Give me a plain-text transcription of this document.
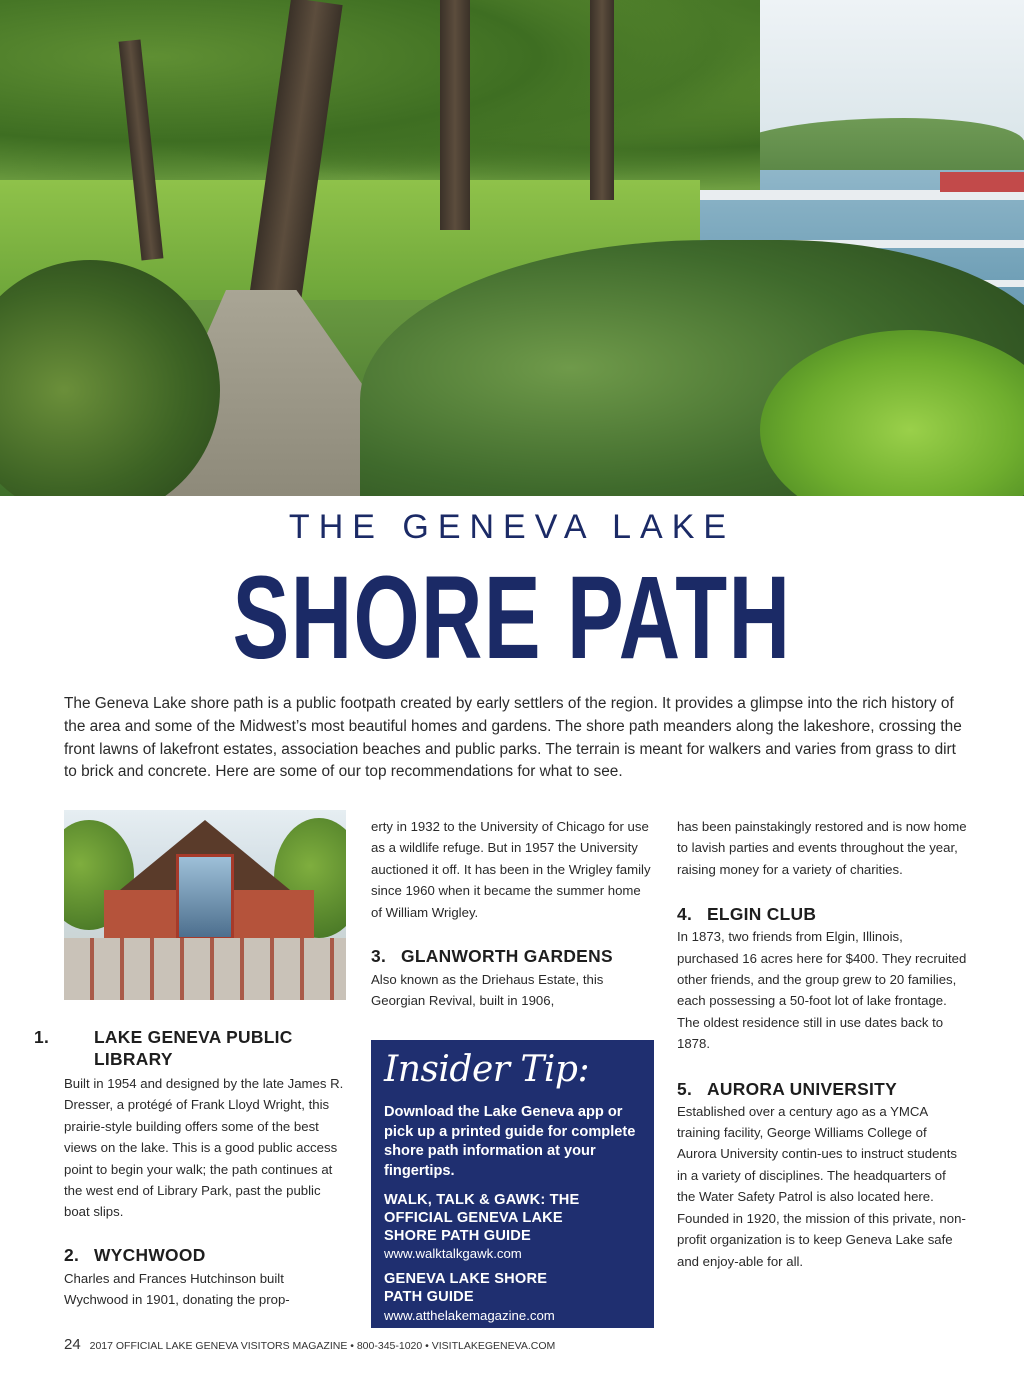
THE GENEVA LAKE
SHORE PATH

The Geneva Lake shore path is a public footpath created by early settlers of the region. It provides a glimpse into the rich history of the area and some of the Midwest’s most beautiful homes and gardens. The shore path meanders along the lakeshore, crossing the front lawns of lakefront estates, association beaches and public parks. The terrain is meant for walkers and varies from grass to dirt to brick and concrete. Here are some of our top recommendations for what to see.

1.	LAKE GENEVA PUBLIC LIBRARY
Built in 1954 and designed by the late James R. Dresser, a protégé of Frank Lloyd Wright, this prairie-style building offers some of the best views on the lake. This is a good public access point to begin your walk; the path continues at the west end of Library Park, past the public boat slips.
2. WYCHWOOD
Charles and Frances Hutchinson built Wychwood in 1901, donating the prop-
erty in 1932 to the University of Chicago for use as a wildlife refuge. But in 1957 the University auctioned it off. It has been in the Wrigley family since 1960 when it became the summer home of William Wrigley.
3. GLANWORTH GARDENS
Also known as the Driehaus Estate, this Georgian Revival, built in 1906,
Insider Tip:
Download the Lake Geneva app or pick up a printed guide for complete shore path information at your fingertips.
WALK, TALK & GAWK: THE OFFICIAL GENEVA LAKE SHORE PATH GUIDE
www.walktalkgawk.com
GENEVA LAKE SHORE PATH GUIDE
www.atthelakemagazine.com
has been painstakingly restored and is now home to lavish parties and events throughout the year, raising money for a variety of charities.
4. ELGIN CLUB
In 1873, two friends from Elgin, Illinois, purchased 16 acres here for $400. They recruited other friends, and the group grew to 20 families, each possessing a 50-foot lot of lake frontage. The oldest residence still in use dates back to 1878.
5. AURORA UNIVERSITY
Established over a century ago as a YMCA training facility, George Williams College of Aurora University contin-ues to instruct students in a variety of disciplines. The headquarters of the Water Safety Patrol is also located here. Founded in 1920, the mission of this private, non-profit organization is to keep Geneva Lake safe and enjoy-able for all.
24 2017 OFFICIAL LAKE GENEVA VISITORS MAGAZINE • 800-345-1020 • VISITLAKEGENEVA.COM
